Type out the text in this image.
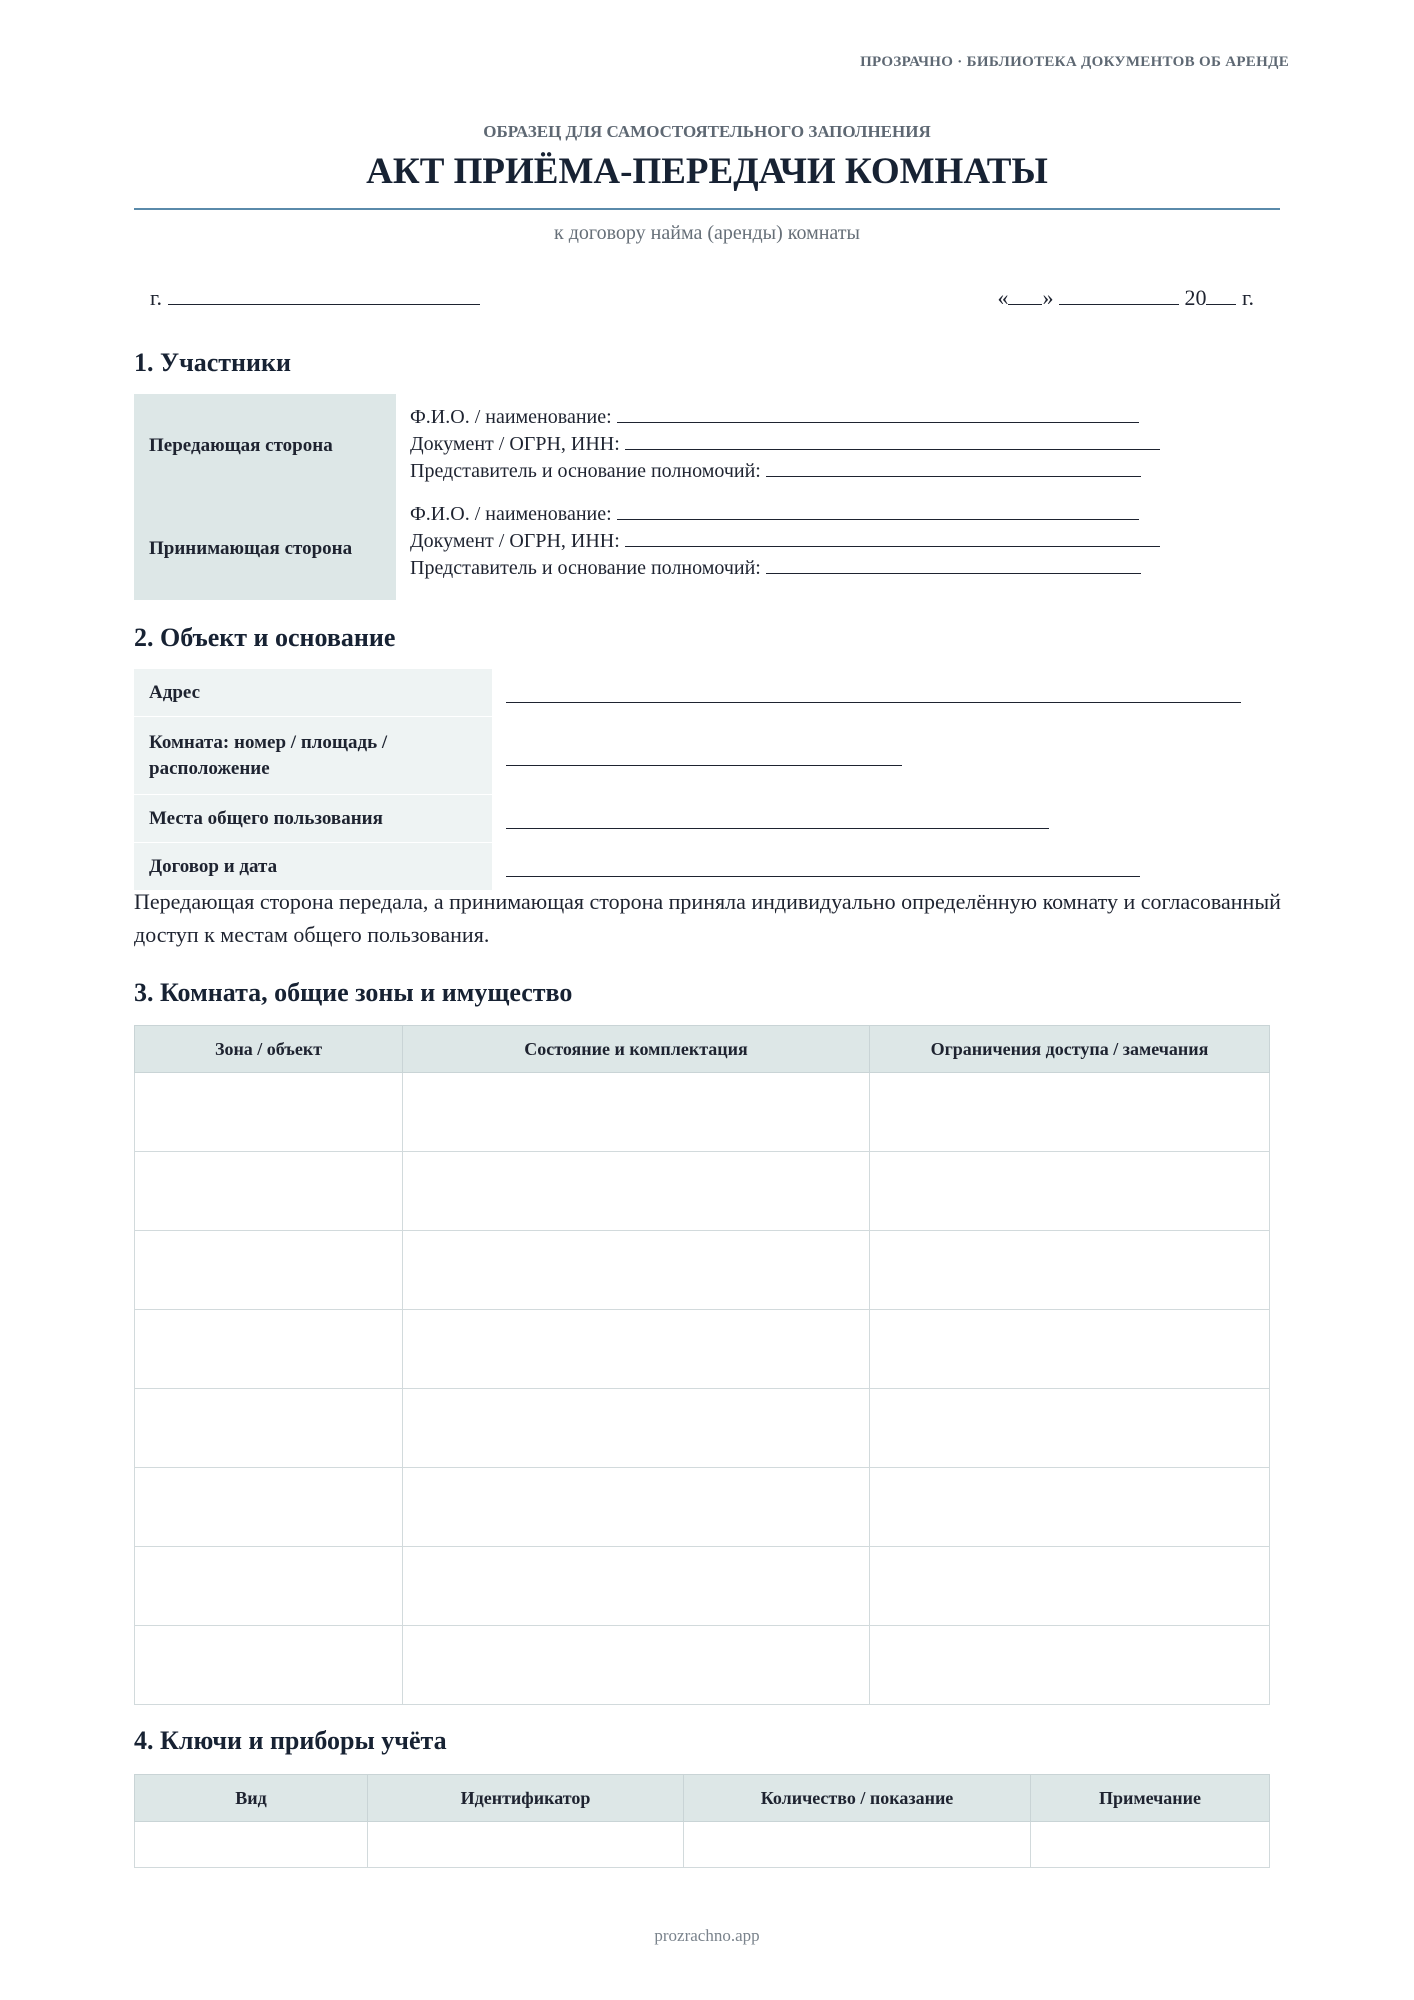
ПРОЗРАЧНО · БИБЛИОТЕКА ДОКУМЕНТОВ ОБ АРЕНДЕ
ОБРАЗЕЦ ДЛЯ САМОСТОЯТЕЛЬНОГО ЗАПОЛНЕНИЯ
АКТ ПРИЁМА-ПЕРЕДАЧИ КОМНАТЫ
к договору найма (аренды) комнаты
г.	« »	20 г.
1. Участники
Передающая сторона
Ф.И.О. / наименование:
Документ / ОГРН, ИНН:
Представитель и основание полномочий:
Принимающая сторона
Ф.И.О. / наименование:
Документ / ОГРН, ИНН:
Представитель и основание полномочий:
2. Объект и основание
Адрес
Комната: номер / площадь / расположение
Места общего пользования
Договор и дата
Передающая сторона передала, а принимающая сторона приняла индивидуально определённую комнату и согласованный доступ к местам общего пользования.
3. Комната, общие зоны и имущество
Зона / объект	Состояние и комплектация	Ограничения доступа / замечания

4. Ключи и приборы учёта
Вид	Идентификатор	Количество / показание	Примечание

prozrachno.app
